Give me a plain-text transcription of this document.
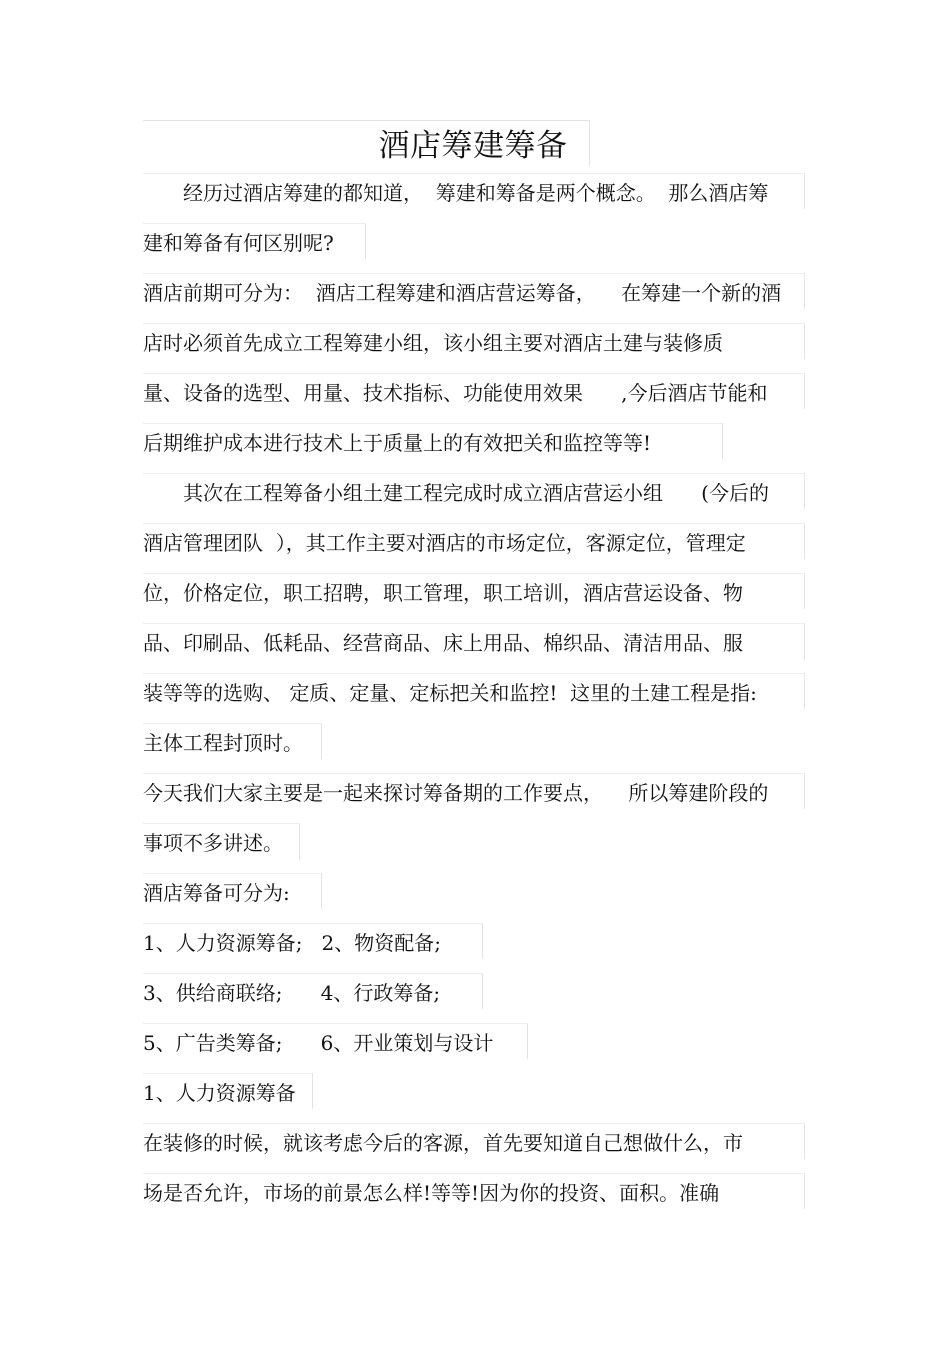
酒店筹建筹备
　　经历过酒店筹建的都知道，  筹建和筹备是两个概念。  那么酒店筹
建和筹备有何区别呢?
酒店前期可分为：  酒店工程筹建和酒店营运筹备，    在筹建一个新的酒
店时必须首先成立工程筹建小组，该小组主要对酒店土建与装修质
量、设备的选型、用量、技术指标、功能使用效果      ,今后酒店节能和
后期维护成本进行技术上于质量上的有效把关和监控等等!
　　其次在工程筹备小组土建工程完成时成立酒店营运小组      (今后的
酒店管理团队  ），其工作主要对酒店的市场定位，客源定位，管理定
位，价格定位，职工招聘，职工管理，职工培训，酒店营运设备、物
品、印刷品、低耗品、经营商品、床上用品、棉织品、清洁用品、服
装等等的选购、 定质、定量、定标把关和监控!  这里的土建工程是指:
主体工程封顶时。
今天我们大家主要是一起来探讨筹备期的工作要点，    所以筹建阶段的
事项不多讲述。
酒店筹备可分为:
1、人力资源筹备;   2、物资配备;
3、供给商联络;      4、行政筹备;
5、广告类筹备;      6、开业策划与设计
1、人力资源筹备
在装修的时候，就该考虑今后的客源，首先要知道自己想做什么，市
场是否允许，市场的前景怎么样!等等!因为你的投资、面积。准确
